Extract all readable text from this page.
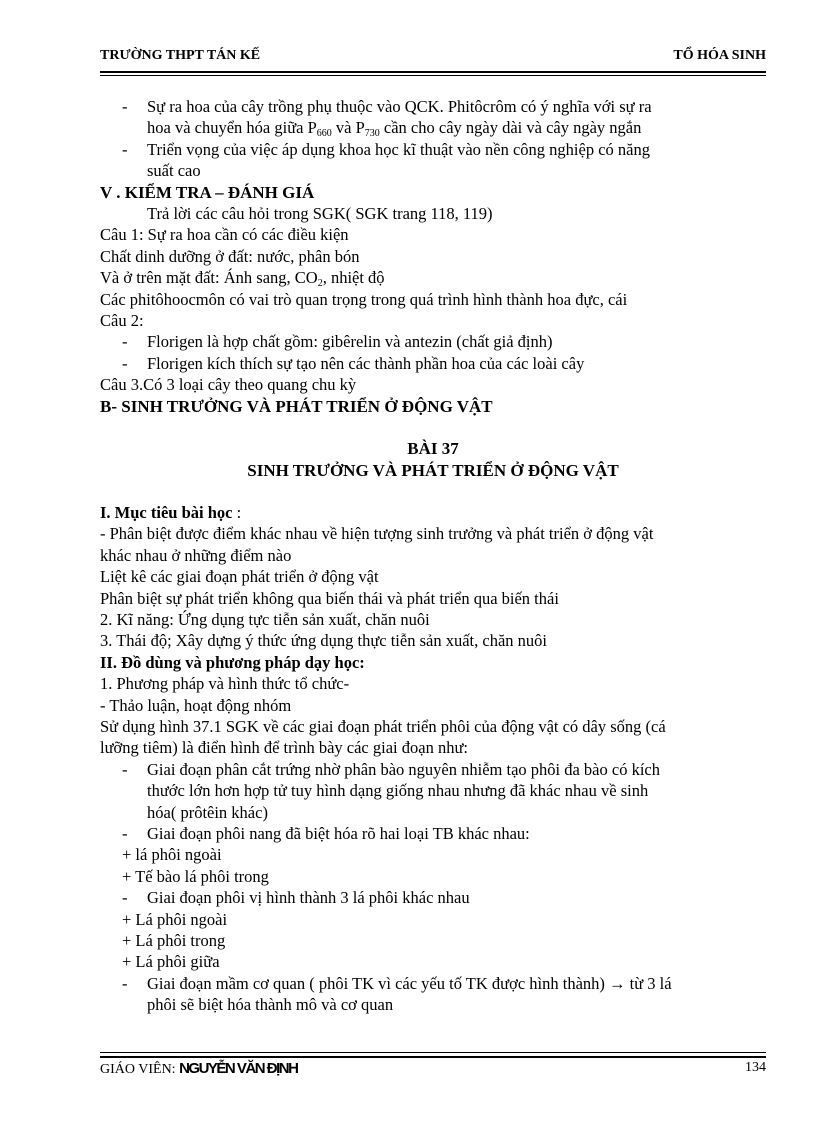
TRƯỜNG THPT TÁN KẾ	TỔ HÓA SINH

- Sự ra hoa của cây trồng phụ thuộc vào QCK. Phitôcrôm có ý nghĩa với sự ra
hoa và chuyển hóa giữa $P_{660}$ và $P_{730}$ cần cho cây ngày dài và cây ngày ngắn

- Triển vọng của việc áp dụng khoa học kĩ thuật vào nền công nghiệp có năng
suất cao

V . KIỂM TRA – ĐÁNH GIÁ

Trả lời các câu hỏi trong SGK( SGK trang 118, 119)

Câu 1: Sự ra hoa cần có các điều kiện

Chất dinh dưỡng ở đất: nước, phân bón

Và ở trên mặt đất: Ánh sang, $CO_2$, nhiệt độ

Các phitôhoocmôn có vai trò quan trọng trong quá trình hình thành hoa đực, cái

Câu 2:

- Florigen là hợp chất gồm: gibêrelin và antezin (chất giả định)

- Florigen kích thích sự tạo nên các thành phần hoa của các loài cây

Câu 3.Có 3 loại cây theo quang chu kỳ

B- SINH TRƯỞNG VÀ PHÁT TRIỂN Ở ĐỘNG VẬT

BÀI 37

SINH TRƯỞNG VÀ PHÁT TRIỂN Ở ĐỘNG VẬT

I. Mục tiêu bài học :

- Phân biệt được điểm khác nhau về hiện tượng sinh trưởng và phát triển ở động vật

khác nhau ở những điểm nào

Liệt kê các giai đoạn phát triển ở động vật

Phân biệt sự phát triển không qua biến thái và phát triển qua biến thái

2. Kĩ năng: Ứng dụng tực tiễn sản xuất, chăn nuôi

3. Thái độ; Xây dựng ý thức ứng dụng thực tiễn sản xuất, chăn nuôi

II. Đồ dùng và phương pháp dạy học:

1. Phương pháp và hình thức tổ chức-

- Thảo luận, hoạt động nhóm

Sử dụng hình 37.1 SGK về các giai đoạn phát triển phôi của động vật có dây sống (cá

lưỡng tiêm) là điển hình để trình bày các giai đoạn như:

- Giai đoạn phân cắt trứng nhờ phân bào nguyên nhiễm tạo phôi đa bào có kích
thước lớn hơn hợp tử tuy hình dạng giống nhau nhưng đã khác nhau về sinh
hóa( prôtêin khác)

- Giai đoạn phôi nang đã biệt hóa rõ hai loại TB khác nhau:

+ lá phôi ngoài

+ Tế bào lá phôi trong

- Giai đoạn phôi vị hình thành 3 lá phôi khác nhau

+ Lá phôi ngoài

+ Lá phôi trong

+ Lá phôi giữa

- Giai đoạn mầm cơ quan ( phôi TK vì các yếu tố TK được hình thành) → từ 3 lá
phôi sẽ biệt hóa thành mô và cơ quan

GIÁO VIÊN: NGUYỄN VĂN ĐỊNH	134
